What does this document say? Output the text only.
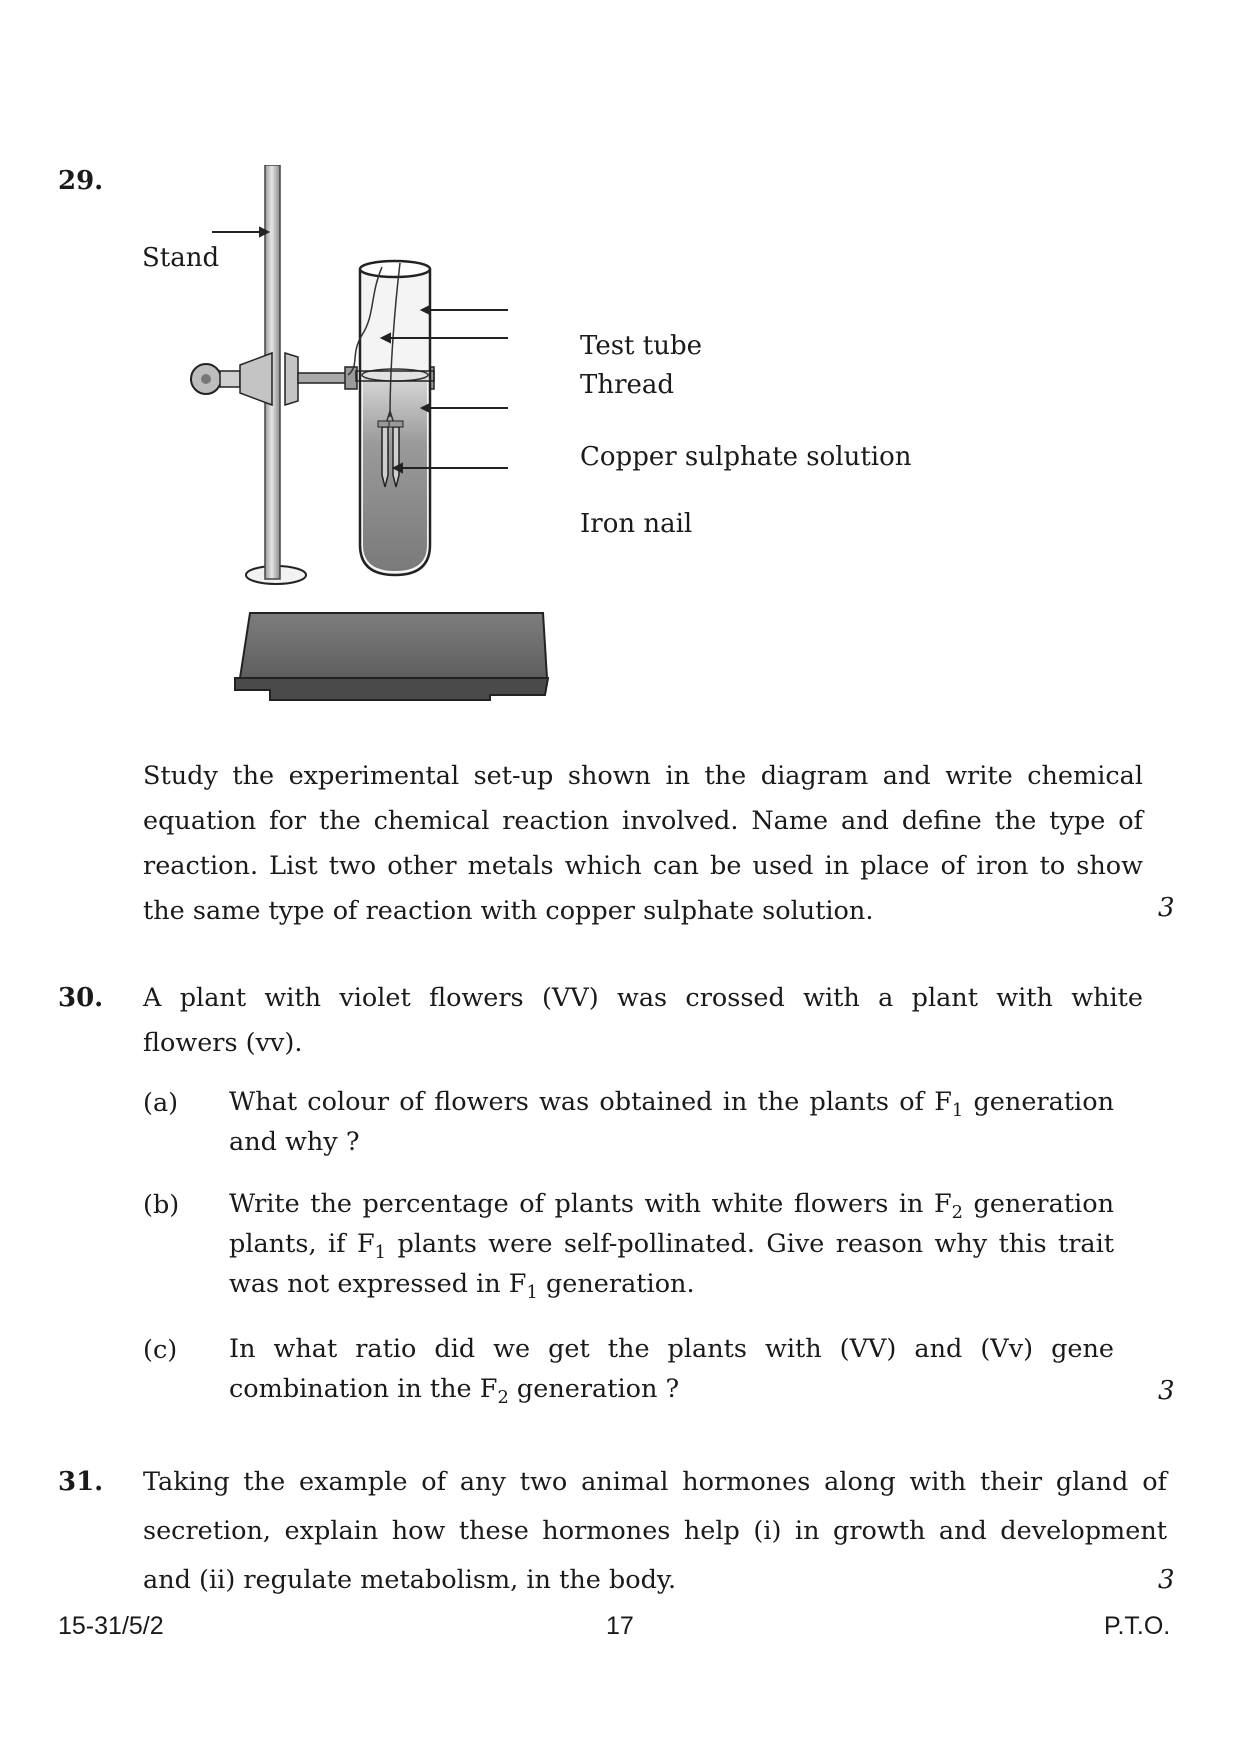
29.
Stand
Test tube
Thread
Copper sulphate solution
Iron nail
Study the experimental set-up shown in the diagram and write chemical
equation for the chemical reaction involved. Name and define the type of
reaction. List two other metals which can be used in place of iron to show
the same type of reaction with copper sulphate solution.	3
30. A plant with violet flowers (VV) was crossed with a plant with white
flowers (vv).
(a) What colour of flowers was obtained in the plants of $F_1$ generation
and why ?
(b) Write the percentage of plants with white flowers in $F_2$ generation
plants, if $F_1$ plants were self-pollinated. Give reason why this trait
was not expressed in $F_1$ generation.
(c) In what ratio did we get the plants with (VV) and (Vv) gene
combination in the $F_2$ generation ?	3
31. Taking the example of any two animal hormones along with their gland of
secretion, explain how these hormones help (i) in growth and development
and (ii) regulate metabolism, in the body.	3
15-31/5/2	17	P.T.O.
